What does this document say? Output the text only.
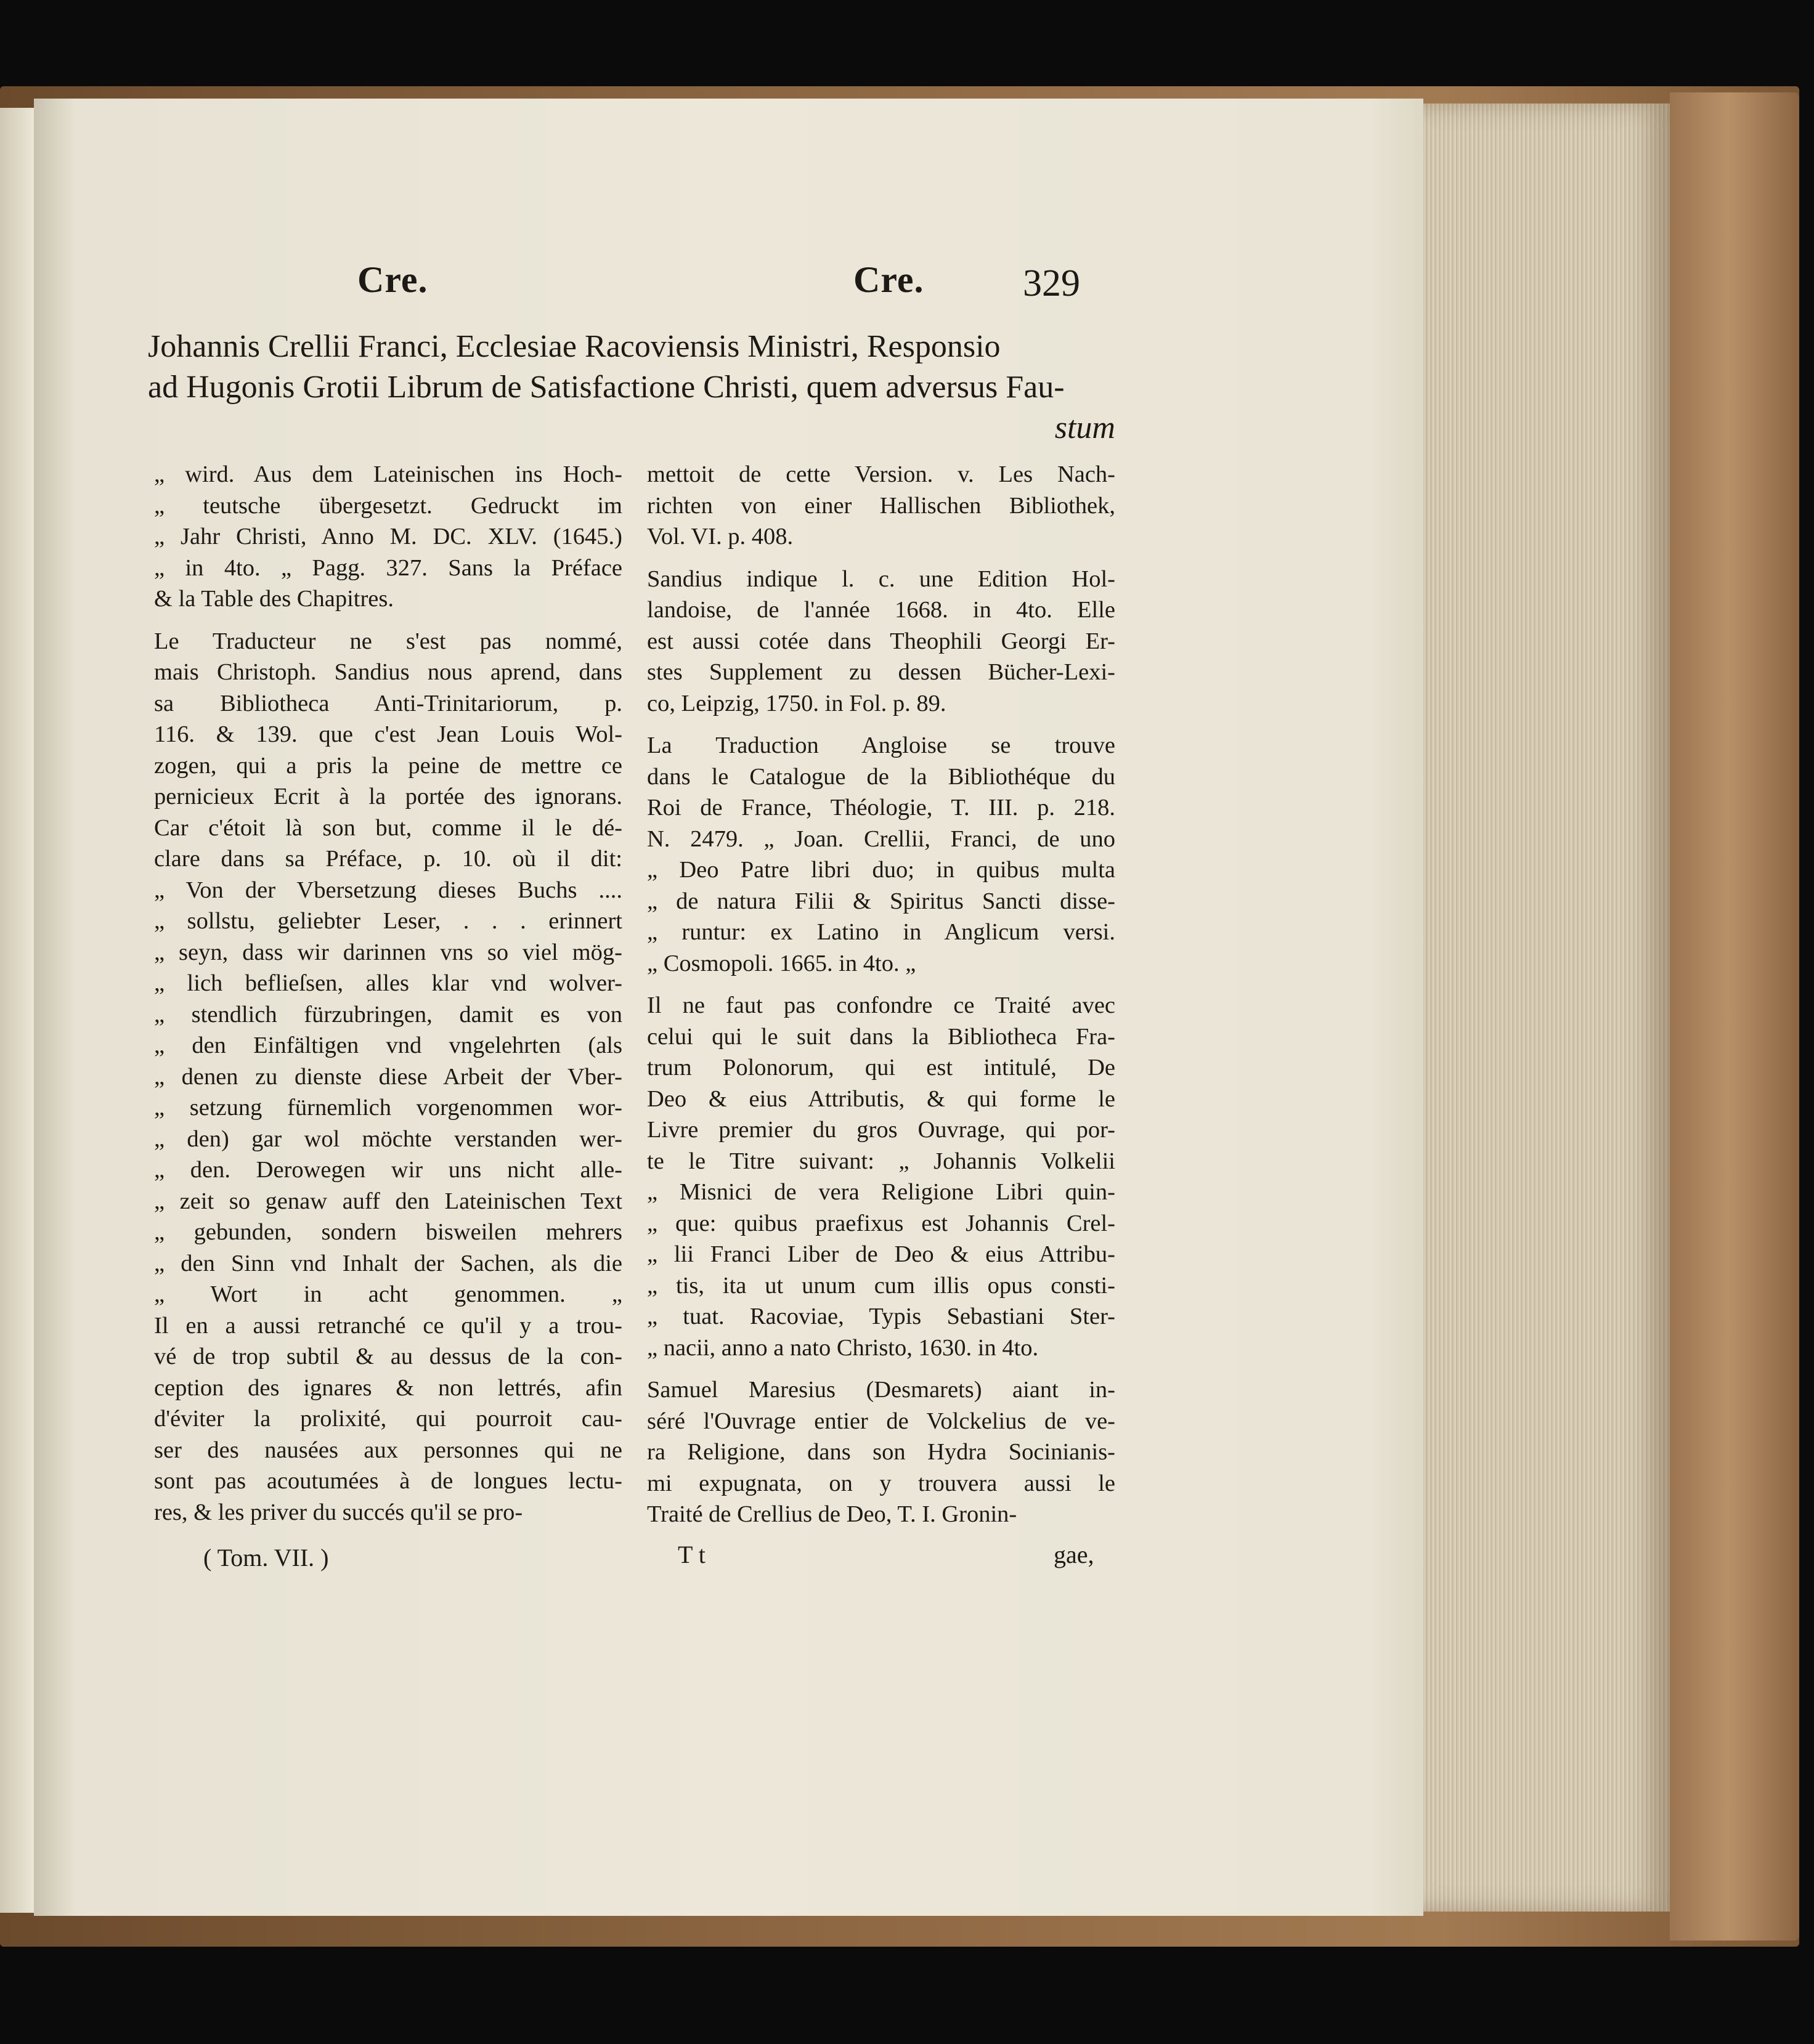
Cre.	Cre.	329
Johannis Crellii Franci, Ecclesiae Racoviensis Ministri, Responsio
ad Hugonis Grotii Librum de Satisfactione Christi, quem adversus Fau-
stum
„ wird. Aus dem Lateinischen ins Hoch-
„ teutsche übergesetzt. Gedruckt im
„ Jahr Christi, Anno M. DC. XLV. (1645.)
„ in 4to. „ Pagg. 327. Sans la Préface
& la Table des Chapitres.
Le Traducteur ne s'est pas nommé,
mais Christoph. Sandius nous aprend, dans
sa Bibliotheca Anti-Trinitariorum, p.
116. & 139. que c'est Jean Louis Wol-
zogen, qui a pris la peine de mettre ce
pernicieux Ecrit à la portée des ignorans.
Car c'étoit là son but, comme il le dé-
clare dans sa Préface, p. 10. où il dit:
„ Von der Vbersetzung dieses Buchs ....
„ sollstu, geliebter Leser, . . . erinnert
„ seyn, dass wir darinnen vns so viel mög-
„ lich beflieſsen, alles klar vnd wolver-
„ stendlich fürzubringen, damit es von
„ den Einfältigen vnd vngelehrten (als
„ denen zu dienste diese Arbeit der Vber-
„ setzung fürnemlich vorgenommen wor-
„ den) gar wol möchte verstanden wer-
„ den. Derowegen wir uns nicht alle-
„ zeit so genaw auff den Lateinischen Text
„ gebunden, sondern bisweilen mehrers
„ den Sinn vnd Inhalt der Sachen, als die
„ Wort in acht genommen. „
Il en a aussi retranché ce qu'il y a trou-
vé de trop subtil & au dessus de la con-
ception des ignares & non lettrés, afin
d'éviter la prolixité, qui pourroit cau-
ser des nausées aux personnes qui ne
sont pas acoutumées à de longues lectu-
res, & les priver du succés qu'il se pro-
mettoit de cette Version. v. Les Nach-
richten von einer Hallischen Bibliothek,
Vol. VI. p. 408.
Sandius indique l. c. une Edition Hol-
landoise, de l'année 1668. in 4to. Elle
est aussi cotée dans Theophili Georgi Er-
stes Supplement zu dessen Bücher-Lexi-
co, Leipzig, 1750. in Fol. p. 89.
La Traduction Angloise se trouve
dans le Catalogue de la Bibliothéque du
Roi de France, Théologie, T. III. p. 218.
N. 2479. „ Joan. Crellii, Franci, de uno
„ Deo Patre libri duo; in quibus multa
„ de natura Filii & Spiritus Sancti disse-
„ runtur: ex Latino in Anglicum versi.
„ Cosmopoli. 1665. in 4to. „
Il ne faut pas confondre ce Traité avec
celui qui le suit dans la Bibliotheca Fra-
trum Polonorum, qui est intitulé, De
Deo & eius Attributis, & qui forme le
Livre premier du gros Ouvrage, qui por-
te le Titre suivant: „ Johannis Volkelii
„ Misnici de vera Religione Libri quin-
„ que: quibus praefixus est Johannis Crel-
„ lii Franci Liber de Deo & eius Attribu-
„ tis, ita ut unum cum illis opus consti-
„ tuat. Racoviae, Typis Sebastiani Ster-
„ nacii, anno a nato Christo, 1630. in 4to.
Samuel Maresius (Desmarets) aiant in-
séré l'Ouvrage entier de Volckelius de ve-
ra Religione, dans son Hydra Socinianis-
mi expugnata, on y trouvera aussi le
Traité de Crellius de Deo, T. I. Gronin-
( Tom. VII. )	T t	gae,
